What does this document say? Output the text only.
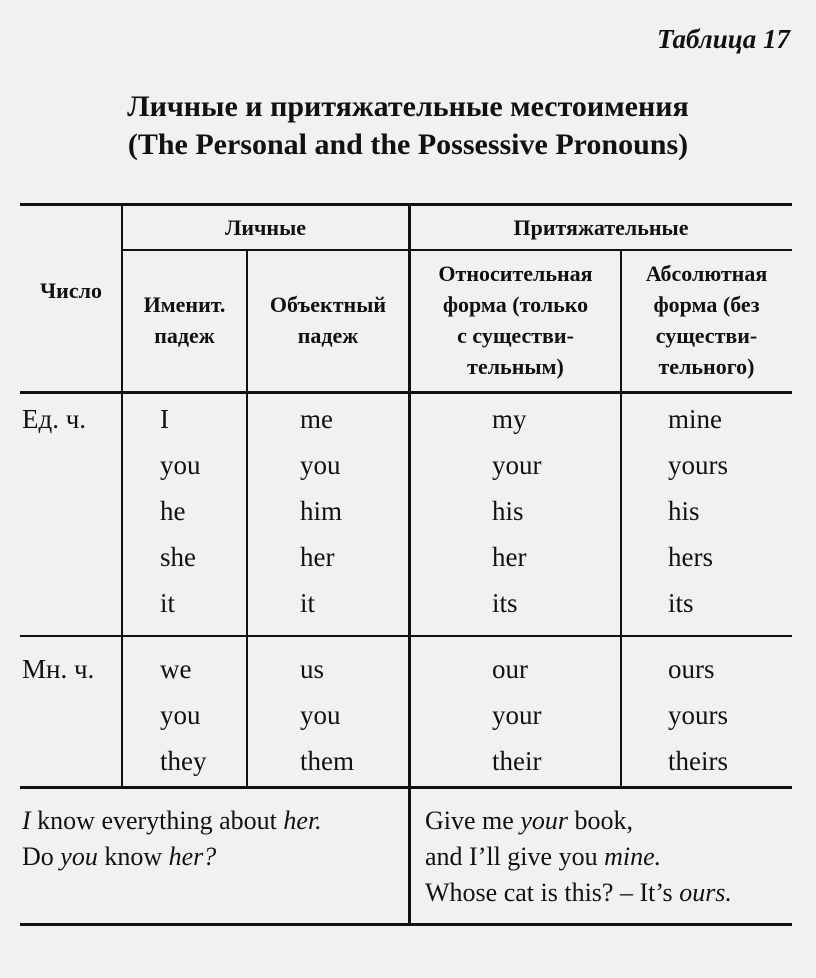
Таблица 17
Личные и притяжательные местоимения
(The Personal and the Possessive Pronouns)
Число
Личные	Притяжательные
Именит.
падеж
Объектный
падеж
Относительная
форма (только
с существи-
тельным)
Абсолютная
форма (без
существи-
тельного)
Ед. ч.	I
you
he
she
it
me
you
him
her
it
my
your
his
her
its
mine
yours
his
hers
its
Мн. ч. we
you
they
us
you
them
our
your
their
ours
yours
theirs
I know everything about her.
Do you know her?
Give me your book,
and I’ll give you mine.
Whose cat is this? – It’s ours.
